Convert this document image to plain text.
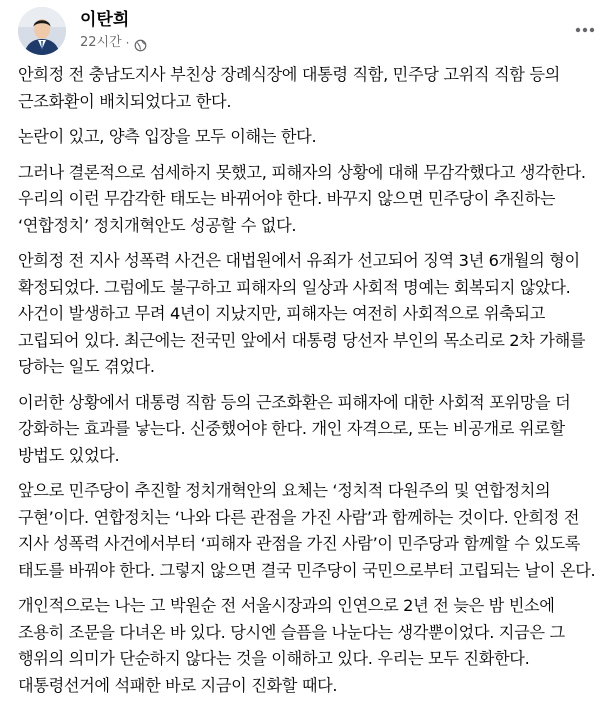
이탄희
22시간 ·

안희정 전 충남도지사 부친상 장례식장에 대통령 직함, 민주당 고위직 직함 등의 근조화환이 배치되었다고 한다.

논란이 있고, 양측 입장을 모두 이해는 한다.

그러나 결론적으로 섬세하지 못했고, 피해자의 상황에 대해 무감각했다고 생각한다. 우리의 이런 무감각한 태도는 바뀌어야 한다. 바꾸지 않으면 민주당이 추진하는 ‘연합정치’ 정치개혁안도 성공할 수 없다.

안희정 전 지사 성폭력 사건은 대법원에서 유죄가 선고되어 징역 3년 6개월의 형이 확정되었다. 그럼에도 불구하고 피해자의 일상과 사회적 명예는 회복되지 않았다. 사건이 발생하고 무려 4년이 지났지만, 피해자는 여전히 사회적으로 위축되고 고립되어 있다. 최근에는 전국민 앞에서 대통령 당선자 부인의 목소리로 2차 가해를 당하는 일도 겪었다.

이러한 상황에서 대통령 직함 등의 근조화환은 피해자에 대한 사회적 포위망을 더 강화하는 효과를 낳는다. 신중했어야 한다. 개인 자격으로, 또는 비공개로 위로할 방법도 있었다.

앞으로 민주당이 추진할 정치개혁안의 요체는 ‘정치적 다원주의 및 연합정치의 구현’이다. 연합정치는 ‘나와 다른 관점을 가진 사람’과 함께하는 것이다. 안희정 전 지사 성폭력 사건에서부터 ‘피해자 관점을 가진 사람’이 민주당과 함께할 수 있도록 태도를 바꿔야 한다. 그렇지 않으면 결국 민주당이 국민으로부터 고립되는 날이 온다.

개인적으로는 나는 고 박원순 전 서울시장과의 인연으로 2년 전 늦은 밤 빈소에 조용히 조문을 다녀온 바 있다. 당시엔 슬픔을 나눈다는 생각뿐이었다. 지금은 그 행위의 의미가 단순하지 않다는 것을 이해하고 있다. 우리는 모두 진화한다. 대통령선거에 석패한 바로 지금이 진화할 때다.
